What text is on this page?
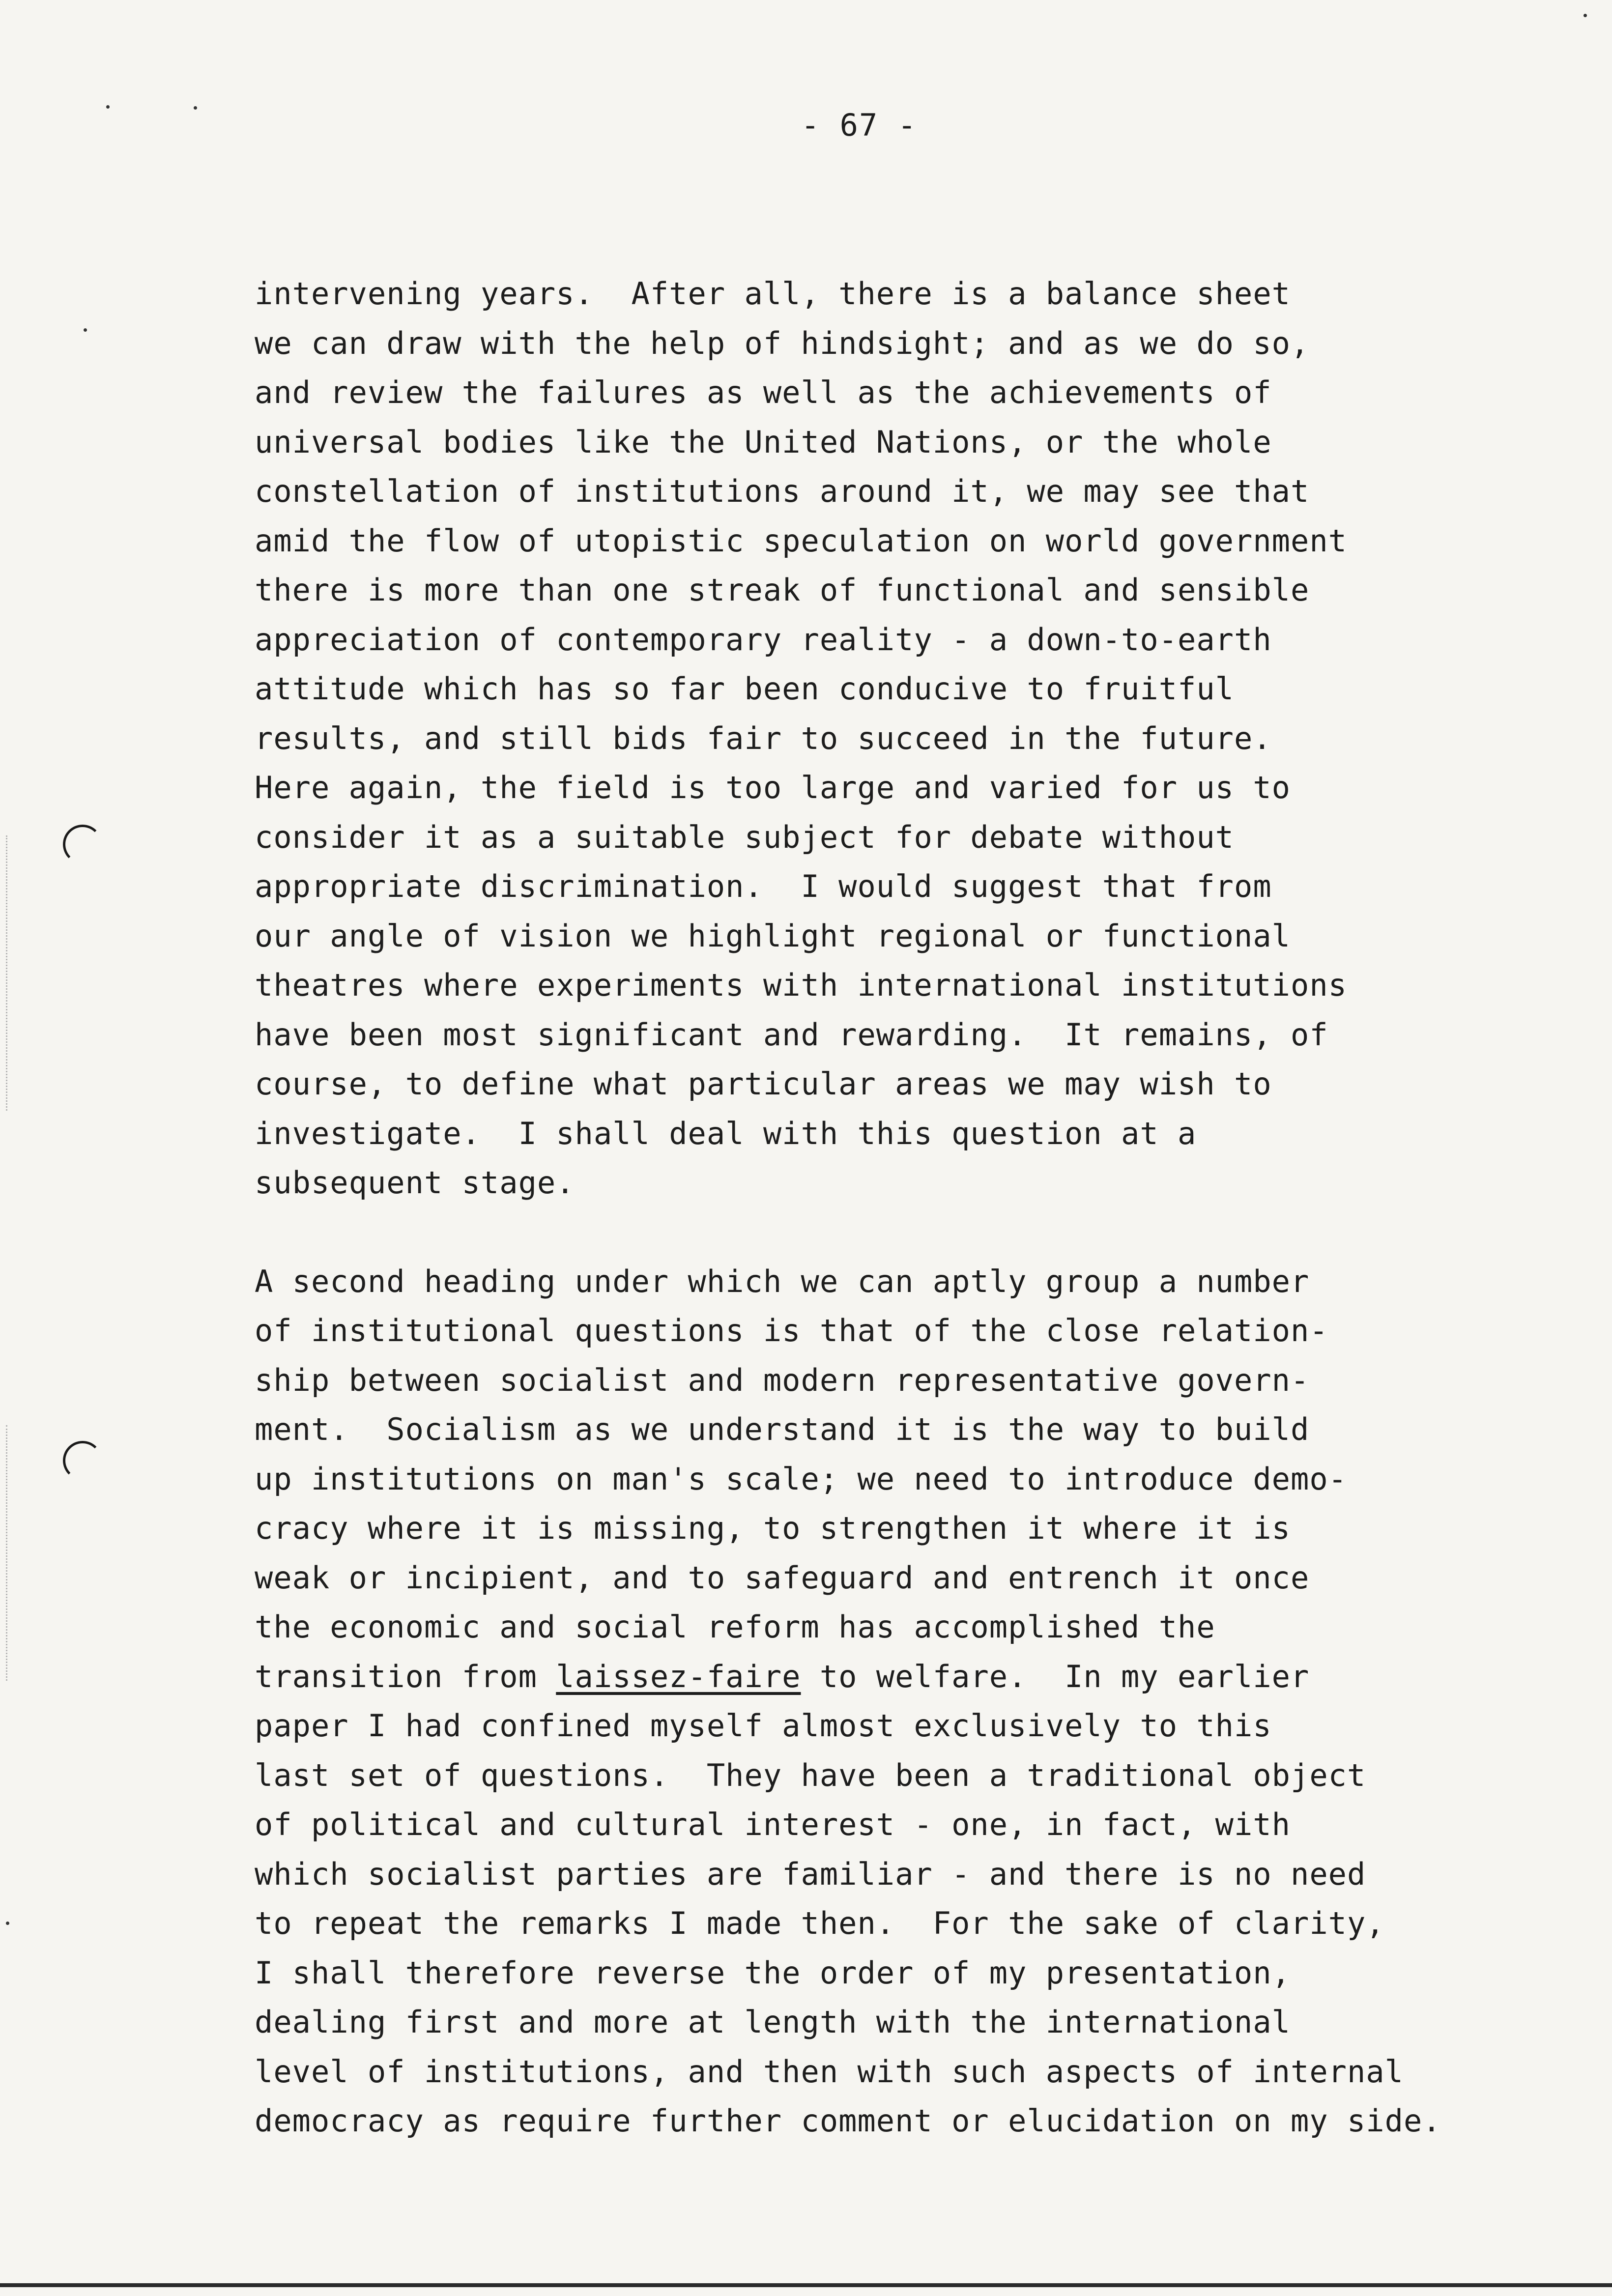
- 67 -
intervening years.  After all, there is a balance sheet
we can draw with the help of hindsight; and as we do so,
and review the failures as well as the achievements of
universal bodies like the United Nations, or the whole
constellation of institutions around it, we may see that
amid the flow of utopistic speculation on world government
there is more than one streak of functional and sensible
appreciation of contemporary reality - a down-to-earth
attitude which has so far been conducive to fruitful
results, and still bids fair to succeed in the future.
Here again, the field is too large and varied for us to
consider it as a suitable subject for debate without
appropriate discrimination.  I would suggest that from
our angle of vision we highlight regional or functional
theatres where experiments with international institutions
have been most significant and rewarding.  It remains, of
course, to define what particular areas we may wish to
investigate.  I shall deal with this question at a
subsequent stage.
A second heading under which we can aptly group a number
of institutional questions is that of the close relation-
ship between socialist and modern representative govern-
ment.  Socialism as we understand it is the way to build
up institutions on man's scale; we need to introduce demo-
cracy where it is missing, to strengthen it where it is
weak or incipient, and to safeguard and entrench it once
the economic and social reform has accomplished the
transition from laissez-faire to welfare.  In my earlier
paper I had confined myself almost exclusively to this
last set of questions.  They have been a traditional object
of political and cultural interest - one, in fact, with
which socialist parties are familiar - and there is no need
to repeat the remarks I made then.  For the sake of clarity,
I shall therefore reverse the order of my presentation,
dealing first and more at length with the international
level of institutions, and then with such aspects of internal
democracy as require further comment or elucidation on my side.
